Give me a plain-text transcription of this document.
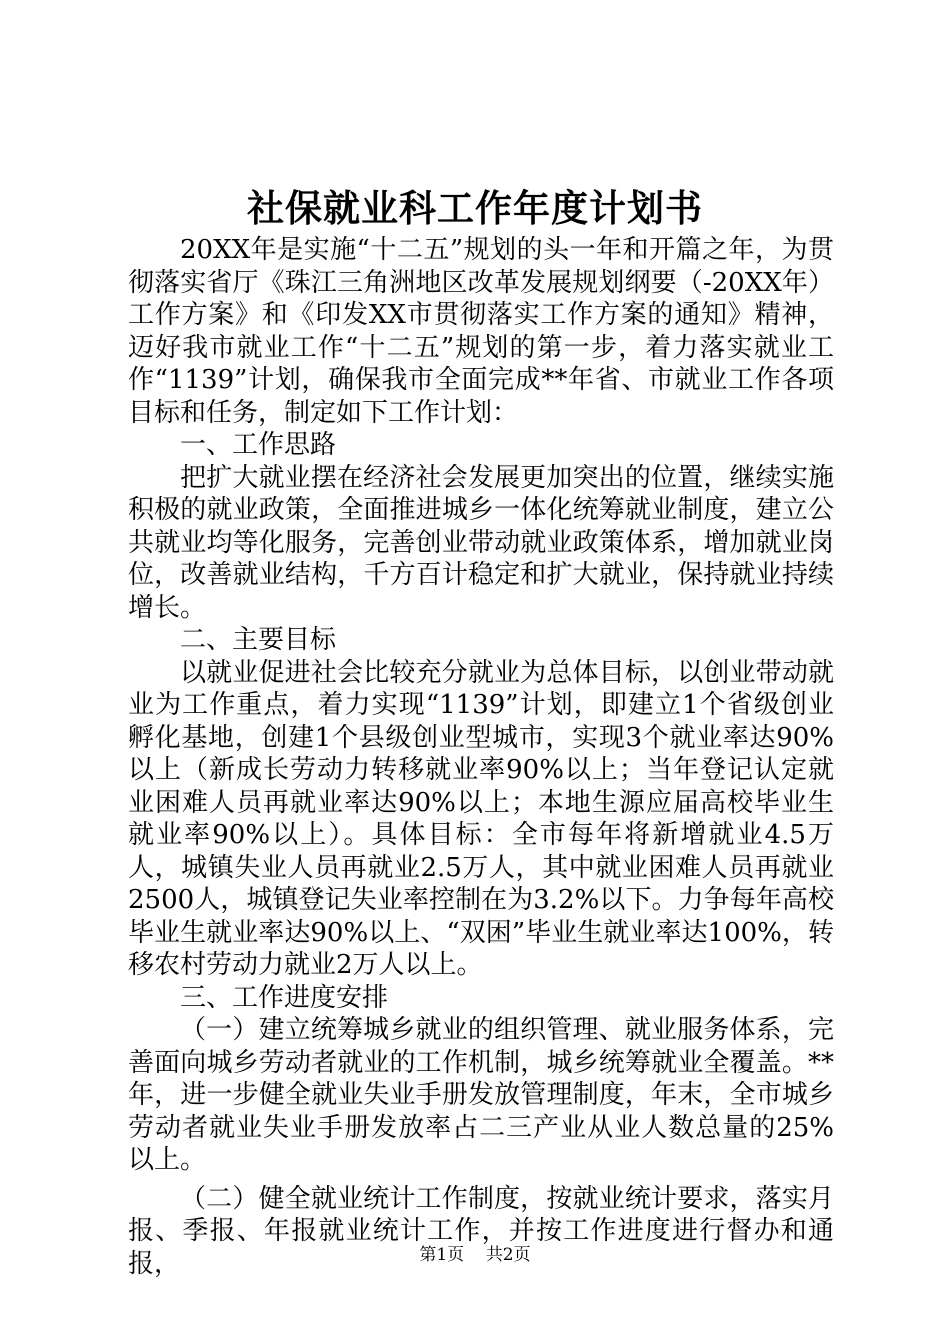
社保就业科工作年度计划书

20XX年是实施“十二五”规划的头一年和开篇之年，为贯彻落实省厅《珠江三角洲地区改革发展规划纲要（-20XX年）工作方案》和《印发XX市贯彻落实工作方案的通知》精神，迈好我市就业工作“十二五”规划的第一步，着力落实就业工作“1139”计划，确保我市全面完成**年省、市就业工作各项目标和任务，制定如下工作计划：

一、工作思路

把扩大就业摆在经济社会发展更加突出的位置，继续实施积极的就业政策，全面推进城乡一体化统筹就业制度，建立公共就业均等化服务，完善创业带动就业政策体系，增加就业岗位，改善就业结构，千方百计稳定和扩大就业，保持就业持续增长。

二、主要目标

以就业促进社会比较充分就业为总体目标，以创业带动就业为工作重点，着力实现“1139”计划，即建立1个省级创业孵化基地，创建1个县级创业型城市，实现3个就业率达90%以上（新成长劳动力转移就业率90%以上；当年登记认定就业困难人员再就业率达90%以上；本地生源应届高校毕业生就业率90%以上）。具体目标：全市每年将新增就业4.5万人，城镇失业人员再就业2.5万人，其中就业困难人员再就业2500人，城镇登记失业率控制在为3.2%以下。力争每年高校毕业生就业率达90%以上、“双困”毕业生就业率达100%，转移农村劳动力就业2万人以上。

三、工作进度安排

（一）建立统筹城乡就业的组织管理、就业服务体系，完善面向城乡劳动者就业的工作机制，城乡统筹就业全覆盖。**年，进一步健全就业失业手册发放管理制度，年末，全市城乡劳动者就业失业手册发放率占二三产业从业人数总量的25%以上。

（二）健全就业统计工作制度，按就业统计要求，落实月报、季报、年报就业统计工作，并按工作进度进行督办和通报，	第1页 共2页
